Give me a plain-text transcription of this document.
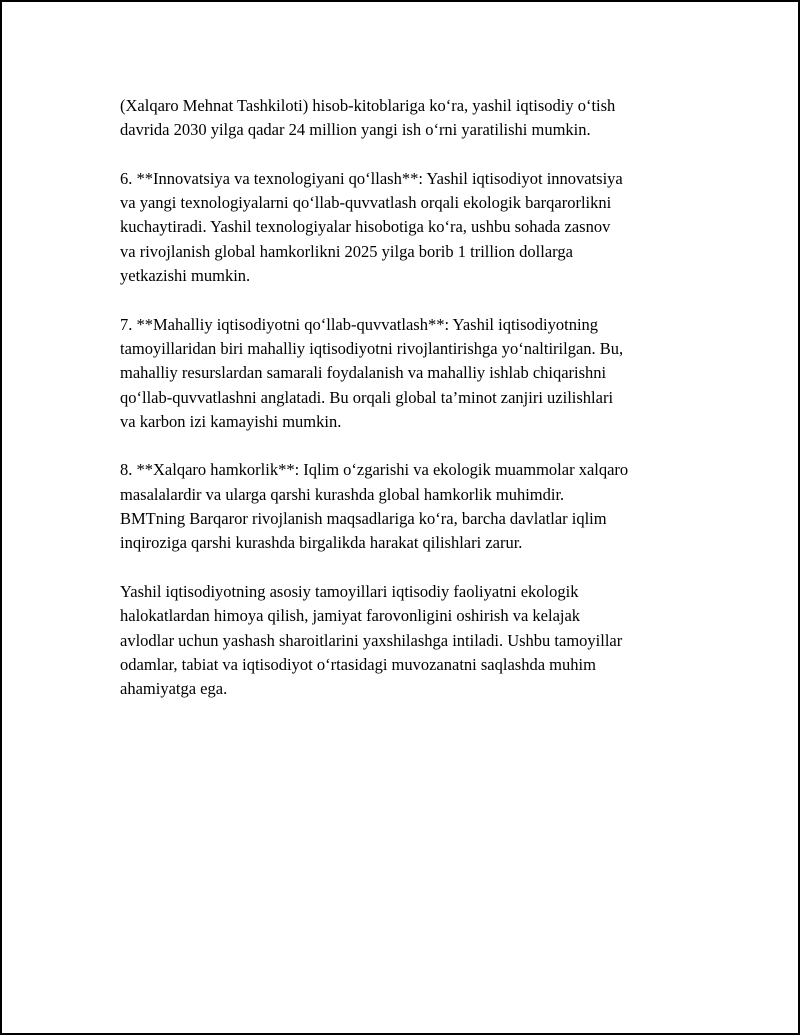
(Xalqaro Mehnat Tashkiloti) hisob-kitoblariga ko‘ra, yashil iqtisodiy o‘tish
davrida 2030 yilga qadar 24 million yangi ish o‘rni yaratilishi mumkin.

6. **Innovatsiya va texnologiyani qo‘llash**: Yashil iqtisodiyot innovatsiya
va yangi texnologiyalarni qo‘llab-quvvatlash orqali ekologik barqarorlikni
kuchaytiradi. Yashil texnologiyalar hisobotiga ko‘ra, ushbu sohada zasnov
va rivojlanish global hamkorlikni 2025 yilga borib 1 trillion dollarga
yetkazishi mumkin.

7. **Mahalliy iqtisodiyotni qo‘llab-quvvatlash**: Yashil iqtisodiyotning
tamoyillaridan biri mahalliy iqtisodiyotni rivojlantirishga yo‘naltirilgan. Bu,
mahalliy resurslardan samarali foydalanish va mahalliy ishlab chiqarishni
qo‘llab-quvvatlashni anglatadi. Bu orqali global ta’minot zanjiri uzilishlari
va karbon izi kamayishi mumkin.

8. **Xalqaro hamkorlik**: Iqlim o‘zgarishi va ekologik muammolar xalqaro
masalalardir va ularga qarshi kurashda global hamkorlik muhimdir.
BMTning Barqaror rivojlanish maqsadlariga ko‘ra, barcha davlatlar iqlim
inqiroziga qarshi kurashda birgalikda harakat qilishlari zarur.

Yashil iqtisodiyotning asosiy tamoyillari iqtisodiy faoliyatni ekologik
halokatlardan himoya qilish, jamiyat farovonligini oshirish va kelajak
avlodlar uchun yashash sharoitlarini yaxshilashga intiladi. Ushbu tamoyillar
odamlar, tabiat va iqtisodiyot o‘rtasidagi muvozanatni saqlashda muhim
ahamiyatga ega.
